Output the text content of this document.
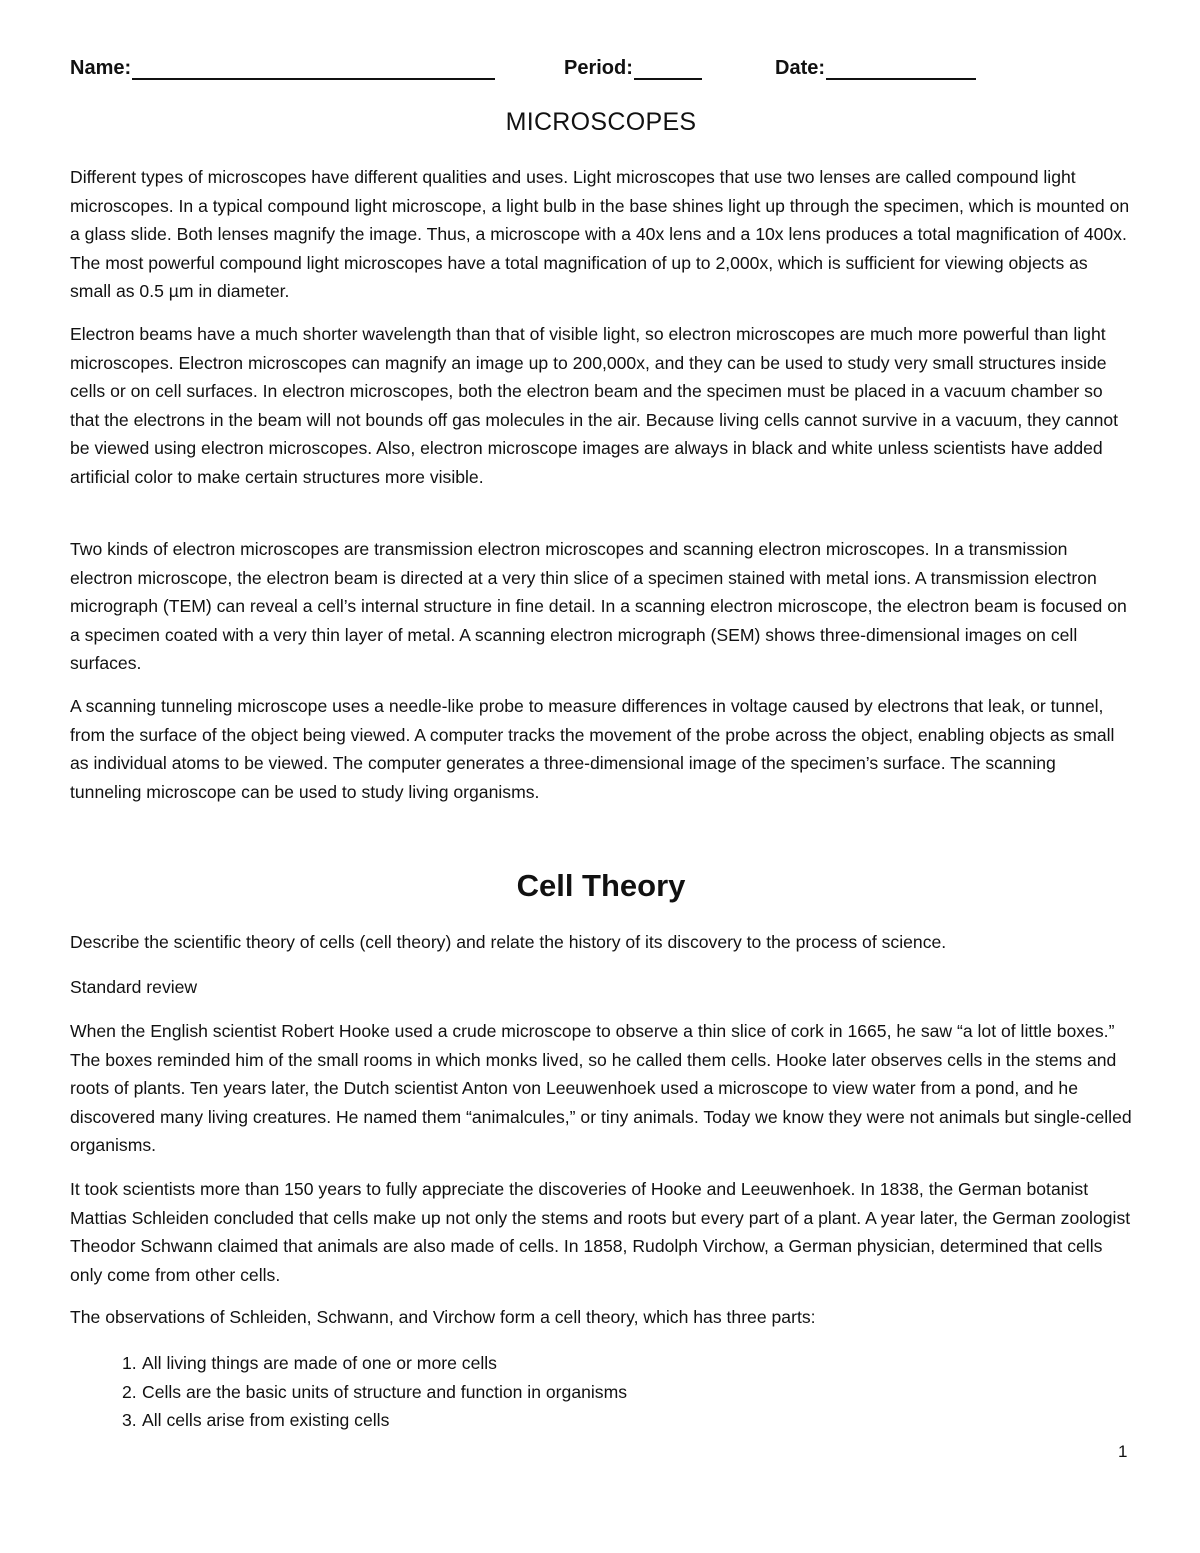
Name:	Period:	Date:
MICROSCOPES

Different types of microscopes have different qualities and uses. Light microscopes that use two lenses are called compound light microscopes. In a typical compound light microscope, a light bulb in the base shines light up through the specimen, which is mounted on a glass slide. Both lenses magnify the image. Thus, a microscope with a 40x lens and a 10x lens produces a total magnification of 400x. The most powerful compound light microscopes have a total magnification of up to 2,000x, which is sufficient for viewing objects as small as 0.5 µm in diameter.

Electron beams have a much shorter wavelength than that of visible light, so electron microscopes are much more powerful than light microscopes. Electron microscopes can magnify an image up to 200,000x, and they can be used to study very small structures inside cells or on cell surfaces. In electron microscopes, both the electron beam and the specimen must be placed in a vacuum chamber so that the electrons in the beam will not bounds off gas molecules in the air. Because living cells cannot survive in a vacuum, they cannot be viewed using electron microscopes. Also, electron microscope images are always in black and white unless scientists have added artificial color to make certain structures more visible.

Two kinds of electron microscopes are transmission electron microscopes and scanning electron microscopes. In a transmission electron microscope, the electron beam is directed at a very thin slice of a specimen stained with metal ions. A transmission electron micrograph (TEM) can reveal a cell’s internal structure in fine detail. In a scanning electron microscope, the electron beam is focused on a specimen coated with a very thin layer of metal. A scanning electron micrograph (SEM) shows three-dimensional images on cell surfaces.

A scanning tunneling microscope uses a needle-like probe to measure differences in voltage caused by electrons that leak, or tunnel, from the surface of the object being viewed. A computer tracks the movement of the probe across the object, enabling objects as small as individual atoms to be viewed. The computer generates a three-dimensional image of the specimen’s surface. The scanning tunneling microscope can be used to study living organisms.

Cell Theory

Describe the scientific theory of cells (cell theory) and relate the history of its discovery to the process of science.

Standard review

When the English scientist Robert Hooke used a crude microscope to observe a thin slice of cork in 1665, he saw “a lot of little boxes.” The boxes reminded him of the small rooms in which monks lived, so he called them cells. Hooke later observes cells in the stems and roots of plants. Ten years later, the Dutch scientist Anton von Leeuwenhoek used a microscope to view water from a pond, and he discovered many living creatures. He named them “animalcules,” or tiny animals. Today we know they were not animals but single-celled organisms.

It took scientists more than 150 years to fully appreciate the discoveries of Hooke and Leeuwenhoek. In 1838, the German botanist Mattias Schleiden concluded that cells make up not only the stems and roots but every part of a plant. A year later, the German zoologist Theodor Schwann claimed that animals are also made of cells. In 1858, Rudolph Virchow, a German physician, determined that cells only come from other cells.

The observations of Schleiden, Schwann, and Virchow form a cell theory, which has three parts:

1. All living things are made of one or more cells
2. Cells are the basic units of structure and function in organisms
3. All cells arise from existing cells
1
